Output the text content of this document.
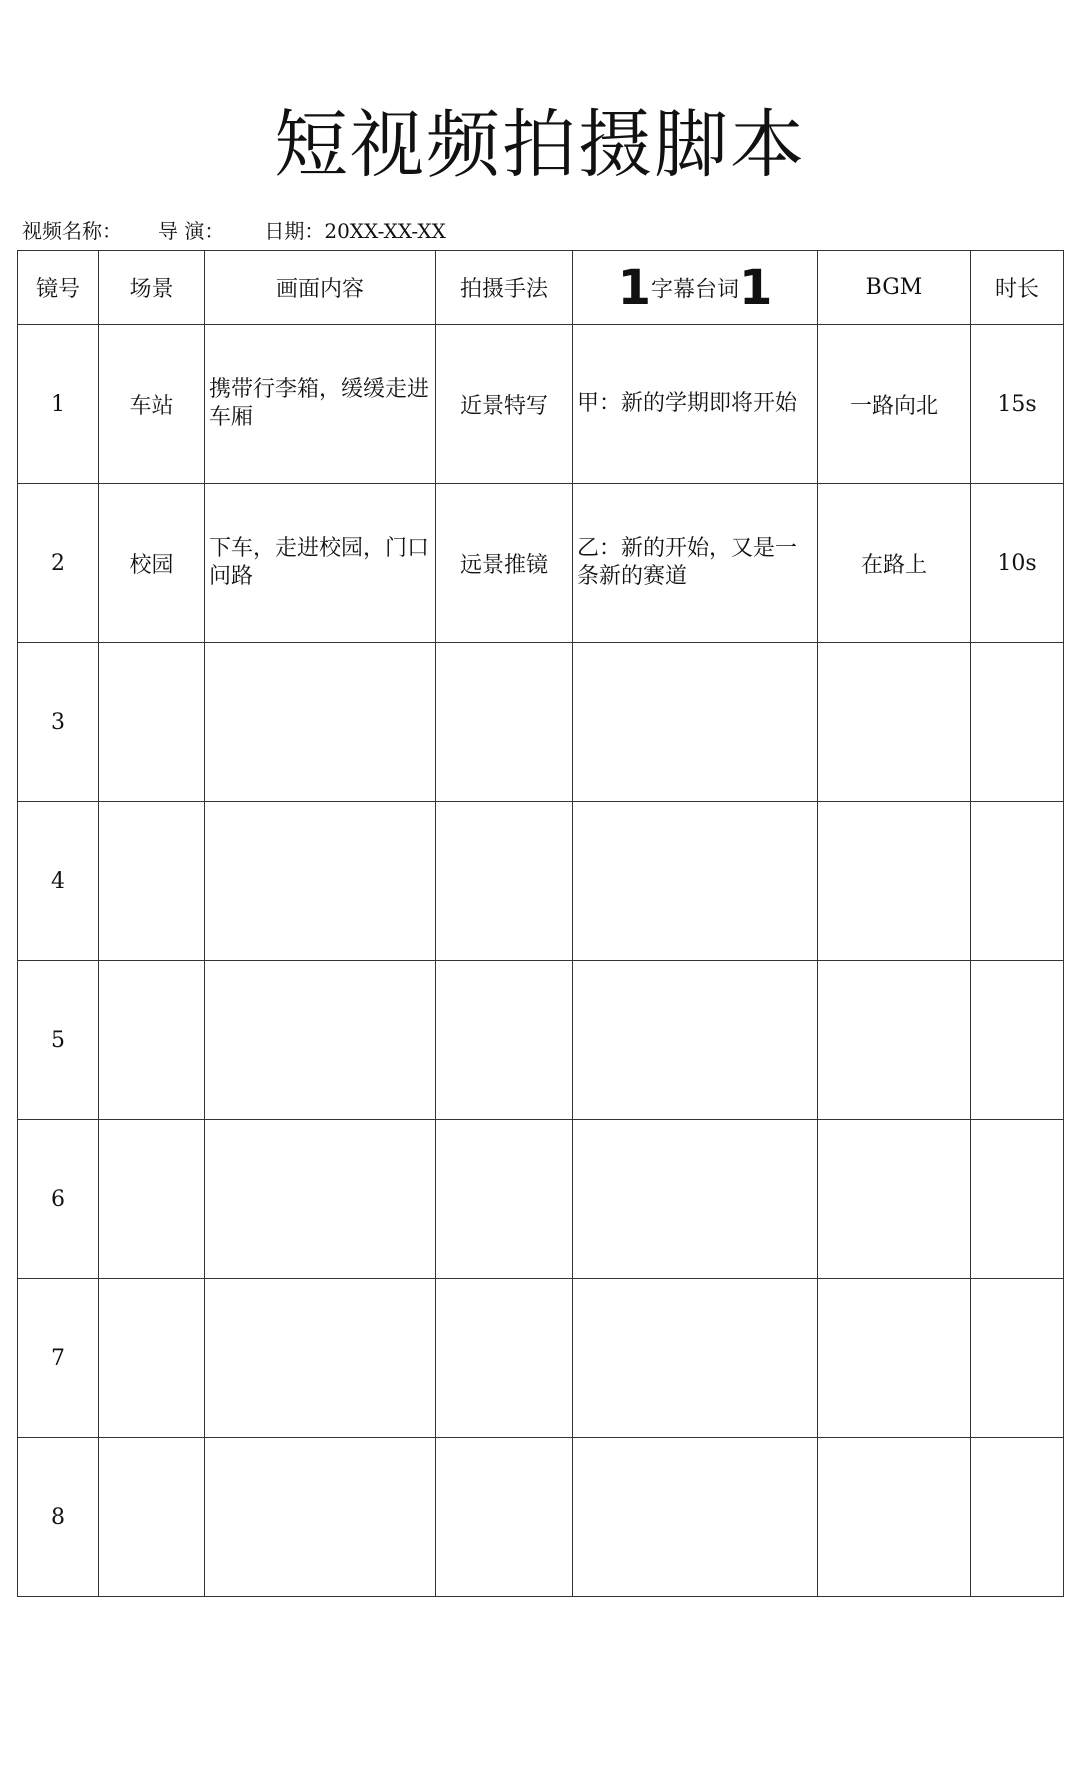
短视频拍摄脚本
视频名称： 导 演： 日期：20XX-XX-XX
镜号	场景	画面内容	拍摄手法	1字幕台词1	BGM	时长
1	车站	携带行李箱，缓缓走进车厢	近景特写	甲：新的学期即将开始	一路向北	15s
2	校园	下车，走进校园，门口问路	远景推镜	乙：新的开始，又是一条新的赛道	在路上	10s
3						
4						
5						
6						
7						
8						
